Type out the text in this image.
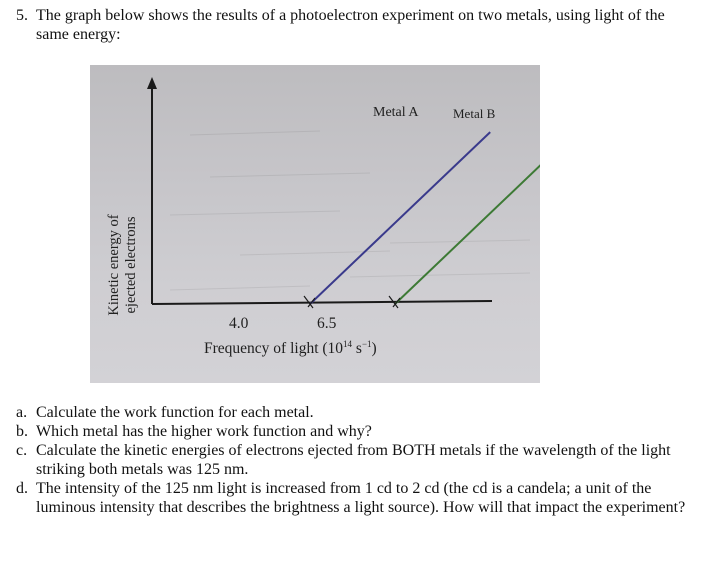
5. The graph below shows the results of a photoelectron experiment on two metals, using light of the same energy:
Kinetic energy of ejected electrons
Metal A	Metal B
4.0	6.5
Frequency of light ($10^{14}$ $s^{-1}$)
a. Calculate the work function for each metal.
b. Which metal has the higher work function and why?
c. Calculate the kinetic energies of electrons ejected from BOTH metals if the wavelength of the light striking both metals was 125 nm.
d. The intensity of the 125 nm light is increased from 1 cd to 2 cd (the cd is a candela; a unit of the luminous intensity that describes the brightness a light source). How will that impact the experiment?
